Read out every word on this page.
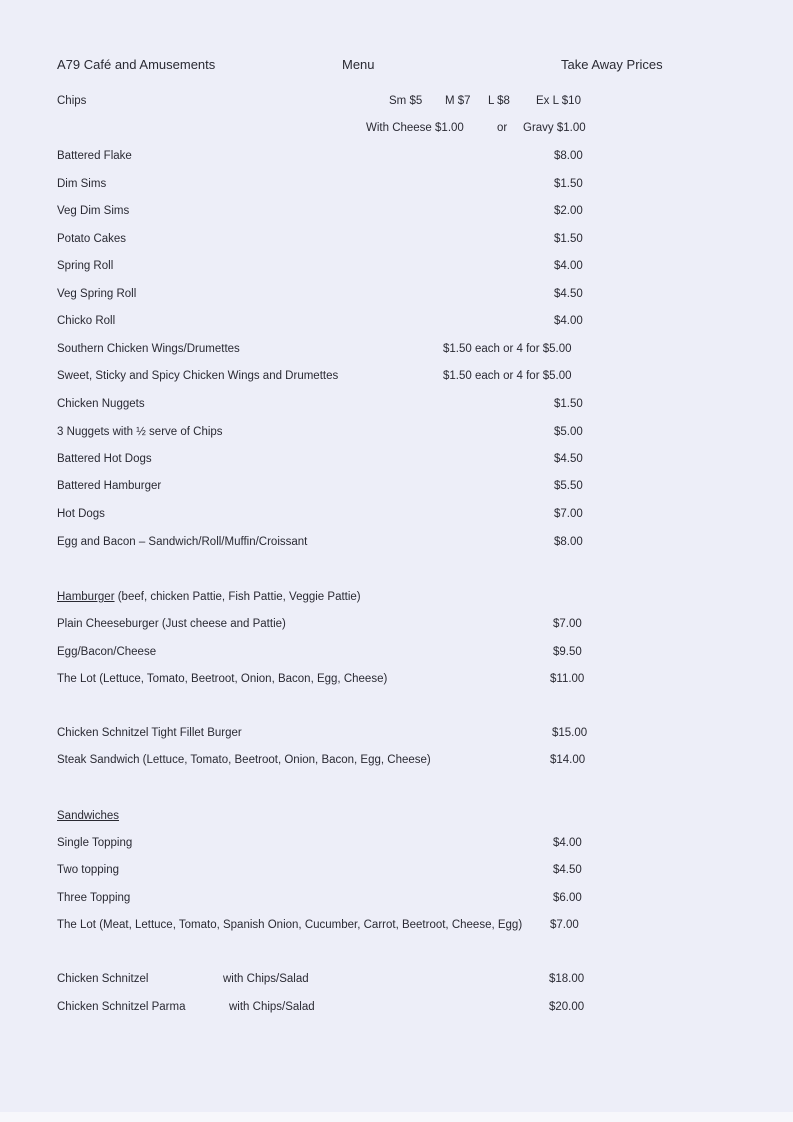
A79 Café and Amusements	Menu	Take Away Prices
Chips	Sm $5 M $7 L $8 Ex L $10
With Cheese $1.00	or Gravy $1.00
Battered Flake	$8.00
Dim Sims	$1.50
Veg Dim Sims	$2.00
Potato Cakes	$1.50
Spring Roll	$4.00
Veg Spring Roll	$4.50
Chicko Roll	$4.00
Southern Chicken Wings/Drumettes	$1.50 each or 4 for $5.00
Sweet, Sticky and Spicy Chicken Wings and Drumettes	$1.50 each or 4 for $5.00
Chicken Nuggets	$1.50
3 Nuggets with ½ serve of Chips	$5.00
Battered Hot Dogs	$4.50
Battered Hamburger	$5.50
Hot Dogs	$7.00
Egg and Bacon – Sandwich/Roll/Muffin/Croissant	$8.00
Hamburger (beef, chicken Pattie, Fish Pattie, Veggie Pattie)
Plain Cheeseburger (Just cheese and Pattie)	$7.00
Egg/Bacon/Cheese	$9.50
The Lot (Lettuce, Tomato, Beetroot, Onion, Bacon, Egg, Cheese)	$11.00
Chicken Schnitzel Tight Fillet Burger	$15.00
Steak Sandwich (Lettuce, Tomato, Beetroot, Onion, Bacon, Egg, Cheese)	$14.00
Sandwiches
Single Topping	$4.00
Two topping	$4.50
Three Topping	$6.00
The Lot (Meat, Lettuce, Tomato, Spanish Onion, Cucumber, Carrot, Beetroot, Cheese, Egg) $7.00
Chicken Schnitzel	with Chips/Salad	$18.00
Chicken Schnitzel Parma	with Chips/Salad	$20.00
